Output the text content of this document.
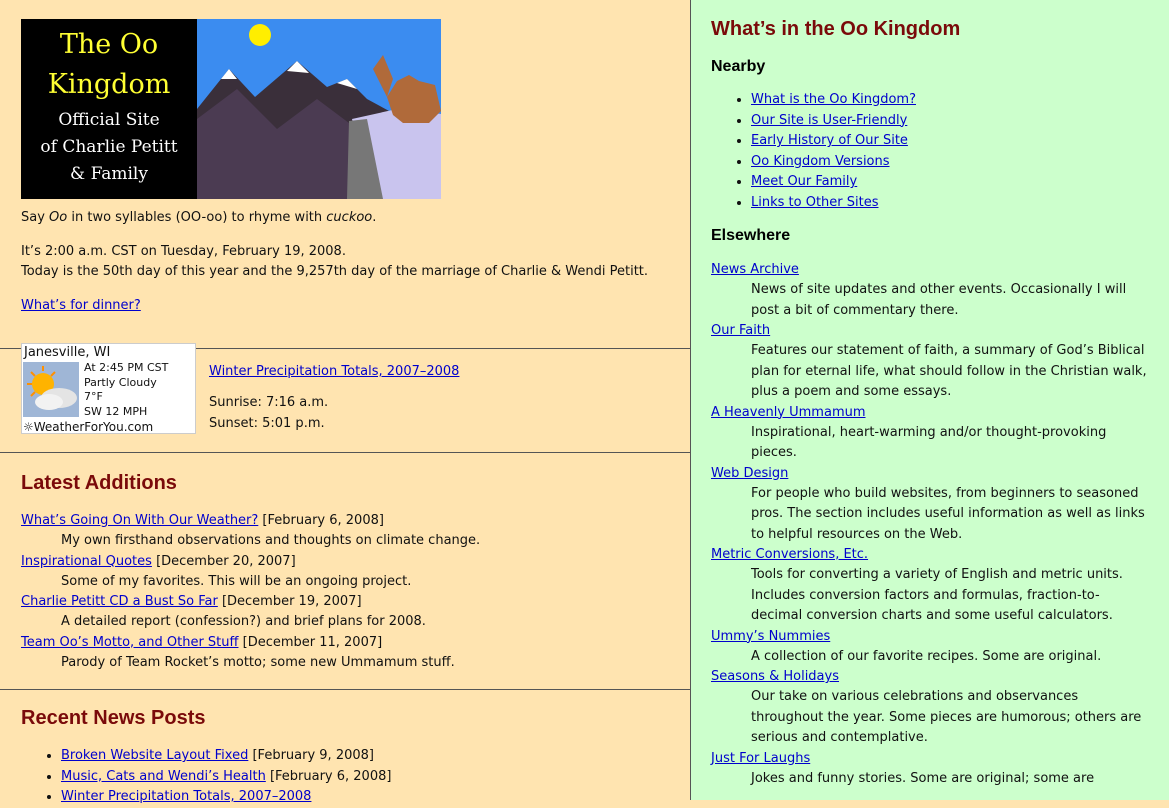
The Oo
Kingdom
Official Site
of Charlie Petitt
& Family

Say Oo in two syllables (OO-oo) to rhyme with cuckoo.

It’s 2:00 a.m. CST on Tuesday, February 19, 2008.

Today is the 50th day of this year and the 9,257th day of the marriage of Charlie & Wendi Petitt.

What’s for dinner?

Winter Precipitation Totals, 2007–2008

Sunrise: 7:16 a.m.

Sunset: 5:01 p.m.

Latest Additions
What’s Going On With Our Weather? [February 6, 2008]
My own firsthand observations and thoughts on climate change.
Inspirational Quotes [December 20, 2007]
Some of my favorites. This will be an ongoing project.
Charlie Petitt CD a Bust So Far [December 19, 2007]
A detailed report (confession?) and brief plans for 2008.
Team Oo’s Motto, and Other Stuff [December 11, 2007]
Parody of Team Rocket’s motto; some new Ummamum stuff.
Recent News Posts
• Broken Website Layout Fixed [February 9, 2008]
• Music, Cats and Wendi’s Health [February 6, 2008]
• Winter Precipitation Totals, 2007–2008
Janesville, WI
At 2:45 PM CST
Partly Cloudy
7°F
SW 12 MPH
☼WeatherForYou.com
What’s in the Oo Kingdom
Nearby
• What is the Oo Kingdom?
• Our Site is User-Friendly
• Early History of Our Site
• Oo Kingdom Versions
• Meet Our Family
• Links to Other Sites
Elsewhere
News Archive
News of site updates and other events. Occasionally I will post a bit of commentary there.
Our Faith
Features our statement of faith, a summary of God’s Biblical plan for eternal life, what should follow in the Christian walk, plus a poem and some essays.
A Heavenly Ummamum
Inspirational, heart-warming and/or thought-provoking pieces.
Web Design
For people who build websites, from beginners to seasoned pros. The section includes useful information as well as links to helpful resources on the Web.
Metric Conversions, Etc.
Tools for converting a variety of English and metric units. Includes conversion factors and formulas, fraction-to-decimal conversion charts and some useful calculators.
Ummy’s Nummies
A collection of our favorite recipes. Some are original.
Seasons & Holidays
Our take on various celebrations and observances throughout the year. Some pieces are humorous; others are serious and contemplative.
Just For Laughs
Jokes and funny stories. Some are original; some are
